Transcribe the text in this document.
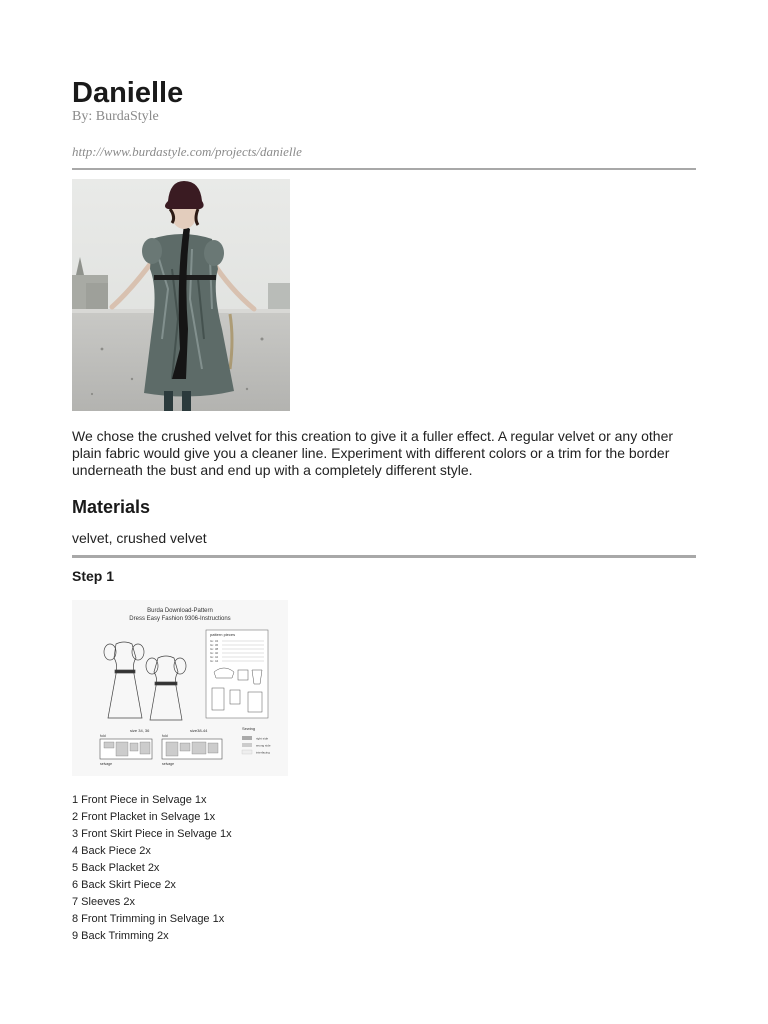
Danielle
By: BurdaStyle
http://www.burdastyle.com/projects/danielle
We chose the crushed velvet for this creation to give it a fuller effect. A regular velvet or any other plain fabric would give you a cleaner line. Experiment with different colors or a trim for the border underneath the bust and end up with a completely different style.
Materials
velvet, crushed velvet
Step 1
Burda Download-Pattern
Dress Easy Fashion 9306-Instructions
pattern pieces
Gr. 34
Gr. 36
Gr. 38
Gr. 40
Gr. 42
Gr. 44
size 34, 36	size38-44
fold	fold
selvage	selvage
Sewing
right side
wrong side
interfacing
1 Front Piece in Selvage 1x
2 Front Placket in Selvage 1x
3 Front Skirt Piece in Selvage 1x
4 Back Piece 2x
5 Back Placket 2x
6 Back Skirt Piece 2x
7 Sleeves 2x
8 Front Trimming in Selvage 1x
9 Back Trimming 2x
